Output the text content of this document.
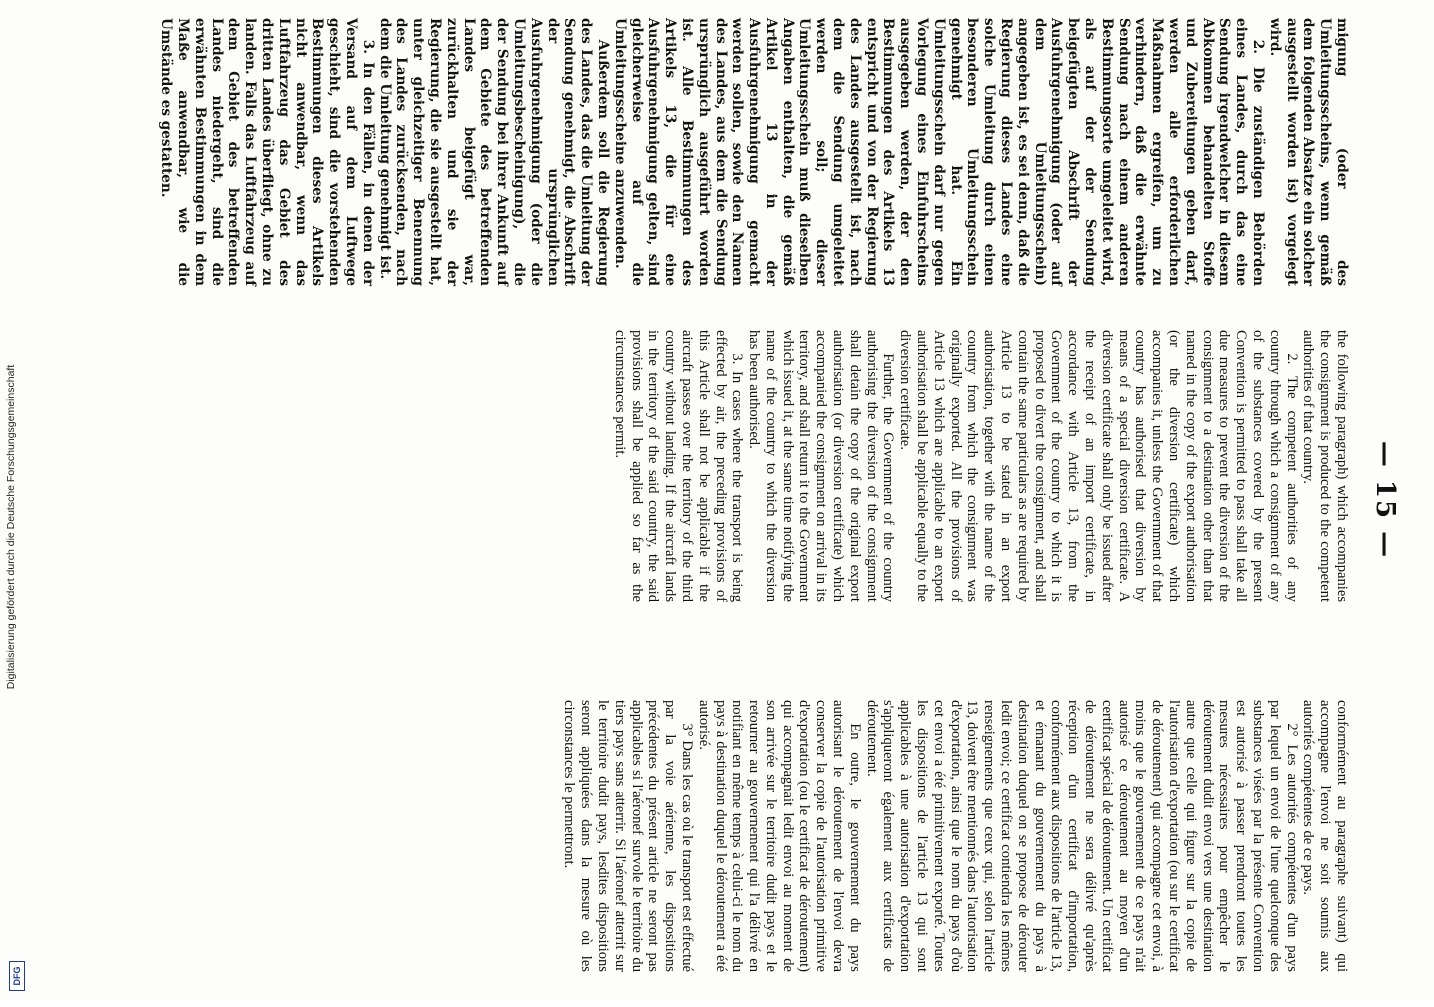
— 15 —

migung (oder des Umleitungsscheins, wenn gemäß dem folgenden Absatze ein solcher ausgestellt worden ist) vorgelegt wird.

2. Die zuständigen Behörden eines Landes, durch das eine Sendung irgendwelcher in diesem Abkommen behandelten Stoffe und Zubereitungen geben darf, werden alle erforderlichen Maßnahmen ergreifen, um zu verhindern, daß die erwähnte Sendung nach einem anderen Bestimmungsorte umgeleitet wird, als auf der der Sendung beigefügten Abschrift der Ausfuhrgenehmigung (oder auf dem Umleitungsschein) angegeben ist, es sei denn, daß die Regierung dieses Landes eine solche Umleitung durch einen besonderen Umleitungsschein genehmigt hat. Ein Umleitungsschein darf nur gegen Vorlegung eines Einfuhrscheins ausgegeben werden, der den Bestimmungen des Artikels 13 entspricht und von der Regierung des Landes ausgestellt ist, nach dem die Sendung umgeleitet werden soll; dieser Umleitungsschein muß dieselben Angaben enthalten, die gemäß Artikel 13 in der Ausfuhrgenehmigung gemacht werden sollen, sowie den Namen des Landes, aus dem die Sendung ursprünglich ausgeführt worden ist. Alle Bestimmungen des Artikels 13, die für eine Ausfuhrgenehmigung gelten, sind gleicherweise auf die Umleitungsscheine anzuwenden.

Außerdem soll die Regierung des Landes, das die Umleitung der Sendung genehmigt, die Abschrift der ursprünglichen Ausfuhrgenehmigung (oder die Umleitungsbescheinigung), die der Sendung bei ihrer Ankunft auf dem Gebiete des betreffenden Landes beigefügt war, zurückhalten und sie der Regierung, die sie ausgestellt hat, unter gleichzeitiger Benennung des Landes zurücksenden, nach dem die Umleitung genehmigt ist.

3. In den Fällen, in denen der Versand auf dem Luftwege geschieht, sind die vorstehenden Bestimmungen dieses Artikels nicht anwendbar, wenn das Luftfahrzeug das Gebiet des dritten Landes überfliegt, ohne zu landen. Falls das Luftfahrzeug auf dem Gebiet des betreffenden Landes niedergeht, sind die erwähnten Bestimmungen in dem Maße anwendbar, wie die Umstände es gestatten.

the following paragraph) which accompanies the consignment is produced to the competent authorities of that country.

2. The competent authorities of any country through which a consignment of any of the substances covered by the present Convention is permitted to pass shall take all due measures to prevent the diversion of the consignment to a destination other than that named in the copy of the export authorisation (or the diversion certificate) which accompanies it, unless the Government of that country has authorised that diversion by means of a special diversion certificate. A diversion certificate shall only be issued after the receipt of an import certificate, in accordance with Article 13, from the Government of the country to which it is proposed to divert the consignment, and shall contain the same particulars as are required by Article 13 to be stated in an export authorisation, together with the name of the country from which the consignment was originally exported. All the provisions of Article 13 which are applicable to an export authorisation shall be applicable equally to the diversion certificate.

Further, the Government of the country authorising the diversion of the consignment shall detain the copy of the original export authorisation (or diversion certificate) which accompanied the consignment on arrival in its territory, and shall return it to the Government which issued it, at the same time notifying the name of the country to which the diversion has been authorised.

3. In cases where the transport is being effected by air, the preceding provisions of this Article shall not be applicable if the aircraft passes over the territory of the third country without landing. If the aircraft lands in the territory of the said country, the said provisions shall be applied so far as the circumstances permit.

conformément au paragraphe suivant) qui accompagne l'envoi ne soit soumis aux autorités compétentes de ce pays.

2° Les autorités compétentes d'un pays par lequel un envoi de l'une quelconque des substances visées par la présente Convention est autorisé à passer prendront toutes les mesures nécessaires pour empêcher le déroutement dudit envoi vers une destination autre que celle qui figure sur la copie de l'autorisation d'exportation (ou sur le certificat de déroutement) qui accompagne cet envoi, à moins que le gouvernement de ce pays n'ait autorisé ce déroutement au moyen d'un certificat spécial de déroutement. Un certificat de déroutement ne sera délivré qu'après réception d'un certificat d'importation, conformément aux dispositions de l'article 13, et émanant du gouvernement du pays à destination duquel on se propose de dérouter ledit envoi; ce certificat contiendra les mêmes renseignements que ceux qui, selon l'article 13, doivent être mentionnés dans l'autorisation d'exportation, ainsi que le nom du pays d'où cet envoi a été primitivement exporté. Toutes les dispositions de l'article 13 qui sont applicables à une autorisation d'exportation s'appliqueront également aux certificats de déroutement.

En outre, le gouvernement du pays autorisant le déroutement de l'envoi devra conserver la copie de l'autorisation primitive d'exportation (ou le certificat de déroutement) qui accompagnait ledit envoi au moment de son arrivée sur le territoire dudit pays et le retourner au gouvernement qui l'a délivré en notifiant en même temps à celui-ci le nom du pays à destination duquel le déroutement a été autorisé.

3° Dans les cas où le transport est effectué par la voie aérienne, les dispositions précédentes du présent article ne seront pas applicables si l'aéronef survole le territoire du tiers pays sans atterrir. Si l'aéronef atterrit sur le territoire dudit pays, lesdites dispositions seront appliquées dans la mesure où les circonstances le permettront.

DFG
Digitalisierung gefördert durch die Deutsche Forschungsgemeinschaft
